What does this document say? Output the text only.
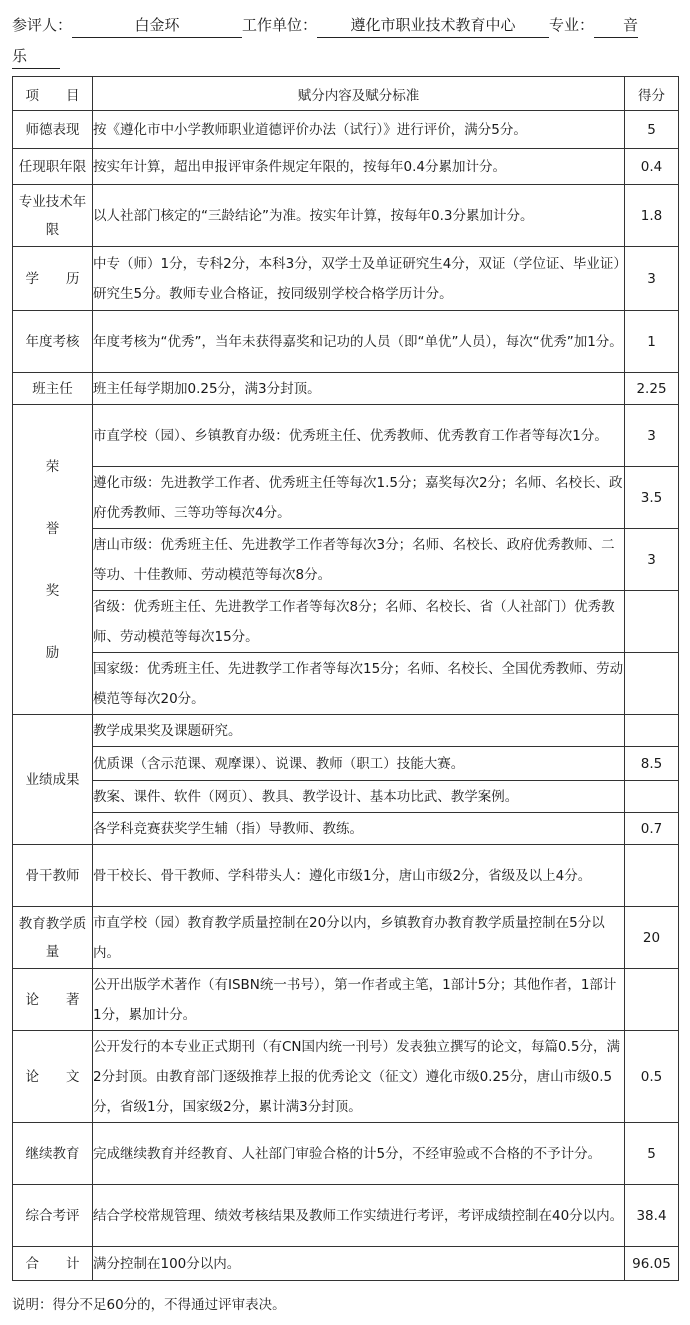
参评人：	白金环	工作单位： 遵化市职业技术教育中心 专业： 音
乐
项　　目	赋分内容及赋分标准	得分
师德表现	按《遵化市中小学教师职业道德评价办法（试行）》进行评价，满分5分。	5
任现职年限	按实年计算，超出申报评审条件规定年限的，按每年0.4分累加计分。	0.4
专业技术年限	以人社部门核定的“三龄结论”为准。按实年计算，按每年0.3分累加计分。	1.8
学　　历	中专（师）1分，专科2分，本科3分，双学士及单证研究生4分，双证（学位证、毕业证）研究生5分。教师专业合格证，按同级别学校合格学历计分。	3
年度考核	年度考核为“优秀”，当年未获得嘉奖和记功的人员（即“单优”人员），每次“优秀”加1分。	1
班主任	班主任每学期加0.25分，满3分封顶。	2.25

荣
誉
奖
励	市直学校（园）、乡镇教育办级：优秀班主任、优秀教师、优秀教育工作者等每次1分。	3
	遵化市级：先进教学工作者、优秀班主任等每次1.5分；嘉奖每次2分；名师、名校长、政府优秀教师、三等功等每次4分。	3.5
	唐山市级：优秀班主任、先进教学工作者等每次3分；名师、名校长、政府优秀教师、二等功、十佳教师、劳动模范等每次8分。	3
	省级：优秀班主任、先进教学工作者等每次8分；名师、名校长、省（人社部门）优秀教师、劳动模范等每次15分。	
	国家级：优秀班主任、先进教学工作者等每次15分；名师、名校长、全国优秀教师、劳动模范等每次20分。	
业绩成果	教学成果奖及课题研究。	
	优质课（含示范课、观摩课）、说课、教师（职工）技能大赛。	8.5
	教案、课件、软件（网页）、教具、教学设计、基本功比武、教学案例。	
	各学科竞赛获奖学生辅（指）导教师、教练。	0.7
骨干教师	骨干校长、骨干教师、学科带头人：遵化市级1分，唐山市级2分，省级及以上4分。	
教育教学质量	市直学校（园）教育教学质量控制在20分以内，乡镇教育办教育教学质量控制在5分以内。	20
论　　著	公开出版学术著作（有ISBN统一书号），第一作者或主笔，1部计5分；其他作者，1部计1分，累加计分。	
论　　文	公开发行的本专业正式期刊（有CN国内统一刊号）发表独立撰写的论文，每篇0.5分，满2分封顶。由教育部门逐级推荐上报的优秀论文（征文）遵化市级0.25分，唐山市级0.5分，省级1分，国家级2分，累计满3分封顶。	0.5
继续教育	完成继续教育并经教育、人社部门审验合格的计5分，不经审验或不合格的不予计分。	5
综合考评	结合学校常规管理、绩效考核结果及教师工作实绩进行考评，考评成绩控制在40分以内。	38.4
合　　计	满分控制在100分以内。	96.05
说明：得分不足60分的，不得通过评审表决。
